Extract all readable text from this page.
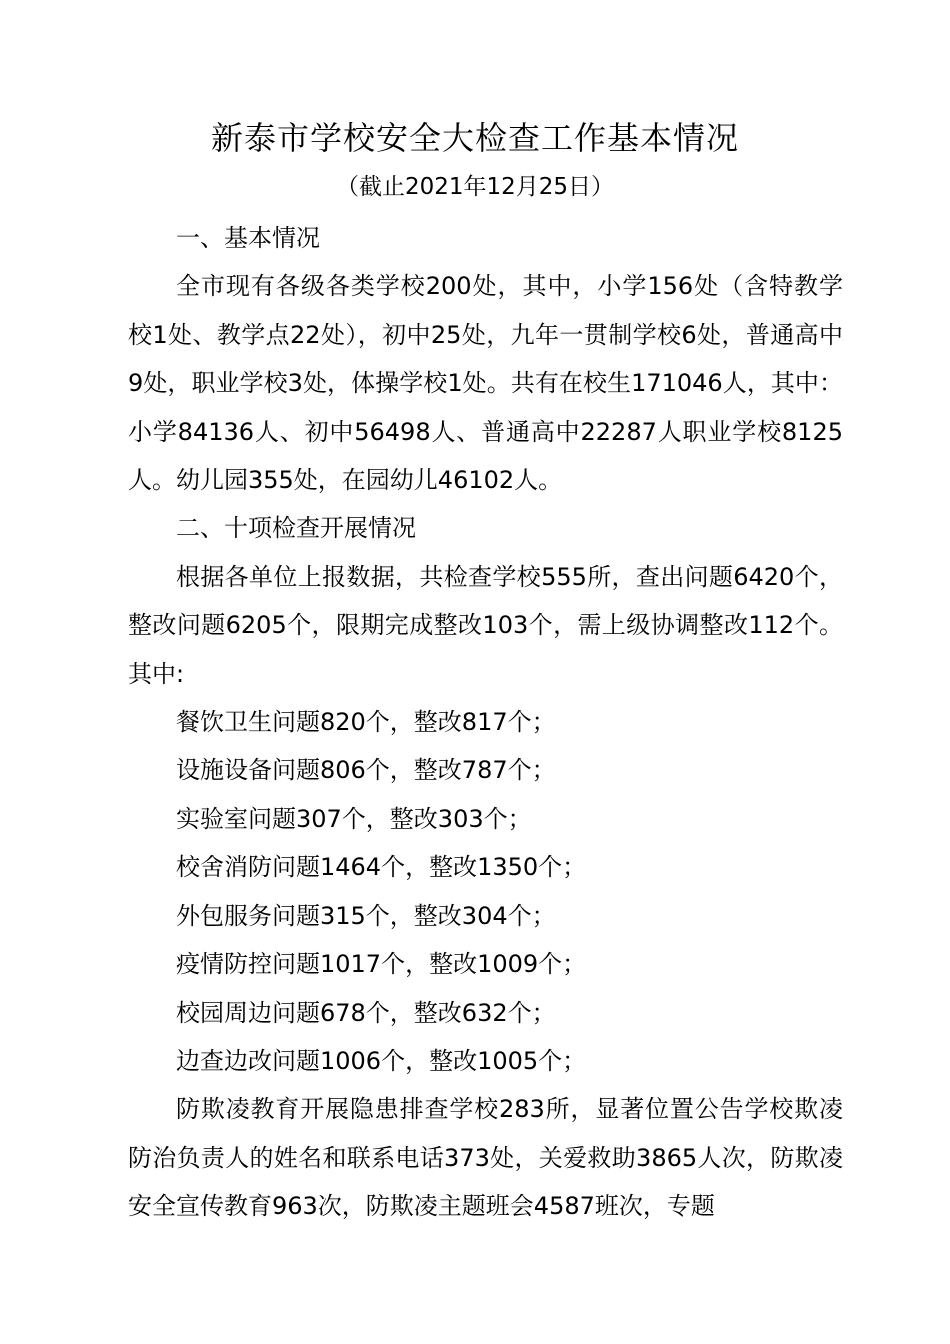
新泰市学校安全大检查工作基本情况
（截止2021年12月25日）

一、基本情况

全市现有各级各类学校200处，其中，小学156处（含特教学校1处、教学点22处），初中25处，九年一贯制学校6处，普通高中9处，职业学校3处，体操学校1处。共有在校生171046人，其中：小学84136人、初中56498人、普通高中22287人职业学校8125人。幼儿园355处，在园幼儿46102人。

二、十项检查开展情况

根据各单位上报数据，共检查学校555所，查出问题6420个，整改问题6205个，限期完成整改103个，需上级协调整改112个。其中:

餐饮卫生问题820个，整改817个；

设施设备问题806个，整改787个；

实验室问题307个，整改303个；

校舍消防问题1464个，整改1350个；

外包服务问题315个，整改304个；

疫情防控问题1017个，整改1009个；

校园周边问题678个，整改632个；

边查边改问题1006个，整改1005个；

防欺凌教育开展隐患排查学校283所，显著位置公告学校欺凌防治负责人的姓名和联系电话373处，关爱救助3865人次，防欺凌安全宣传教育963次，防欺凌主题班会4587班次，专题
